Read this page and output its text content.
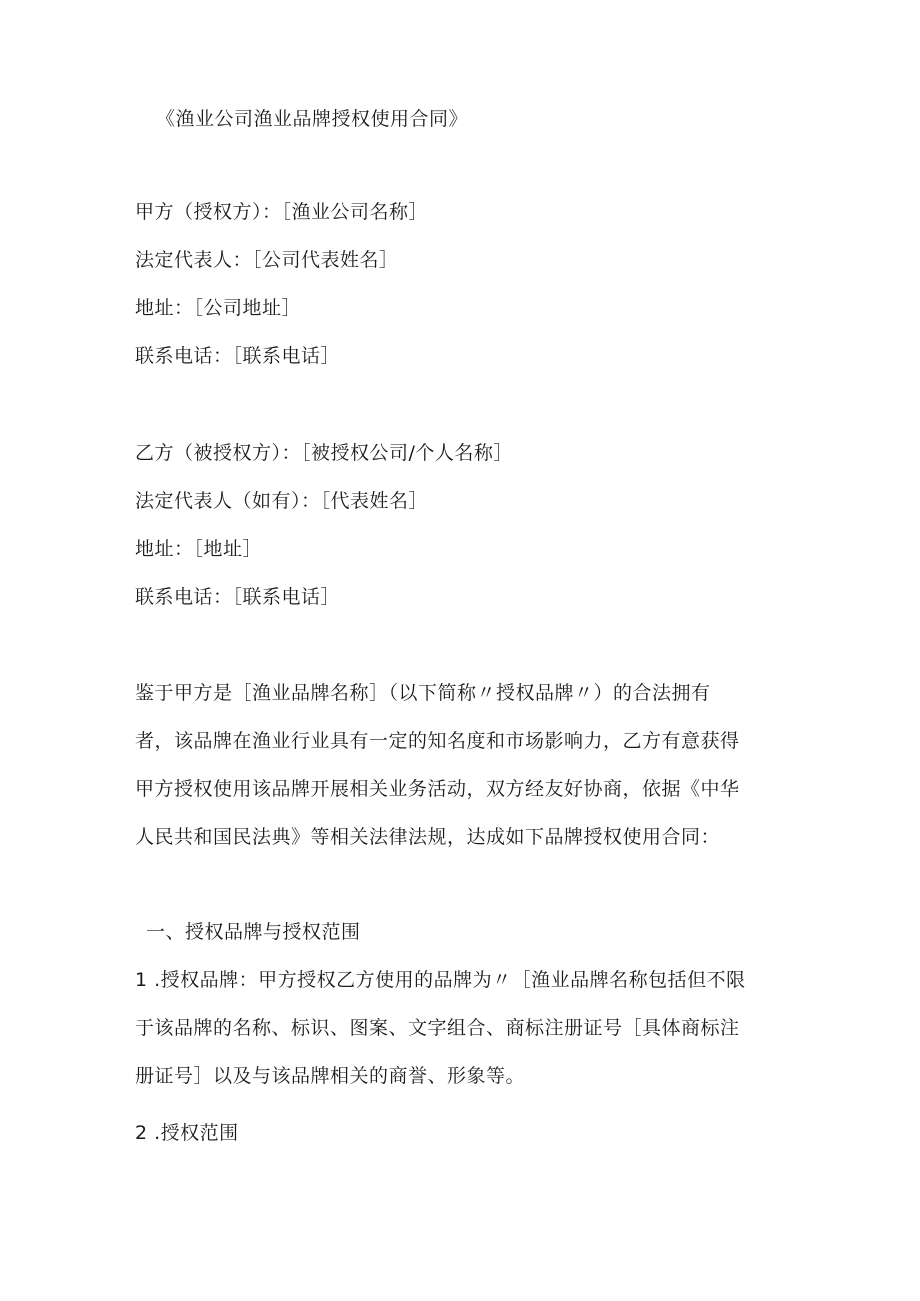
《渔业公司渔业品牌授权使用合同》
甲方（授权方）：［渔业公司名称］
法定代表人：［公司代表姓名］
地址：［公司地址］
联系电话：［联系电话］
乙方（被授权方）：［被授权公司/个人名称］
法定代表人（如有）：［代表姓名］
地址：［地址］
联系电话：［联系电话］
鉴于甲方是［渔业品牌名称］（以下简称〃授权品牌〃）的合法拥有
者，该品牌在渔业行业具有一定的知名度和市场影响力，乙方有意获得
甲方授权使用该品牌开展相关业务活动，双方经友好协商，依据《中华
人民共和国民法典》等相关法律法规，达成如下品牌授权使用合同：
一、授权品牌与授权范围
1 .授权品牌：甲方授权乙方使用的品牌为〃［渔业品牌名称包括但不限
于该品牌的名称、标识、图案、文字组合、商标注册证号［具体商标注
册证号］以及与该品牌相关的商誉、形象等。
2 .授权范围
